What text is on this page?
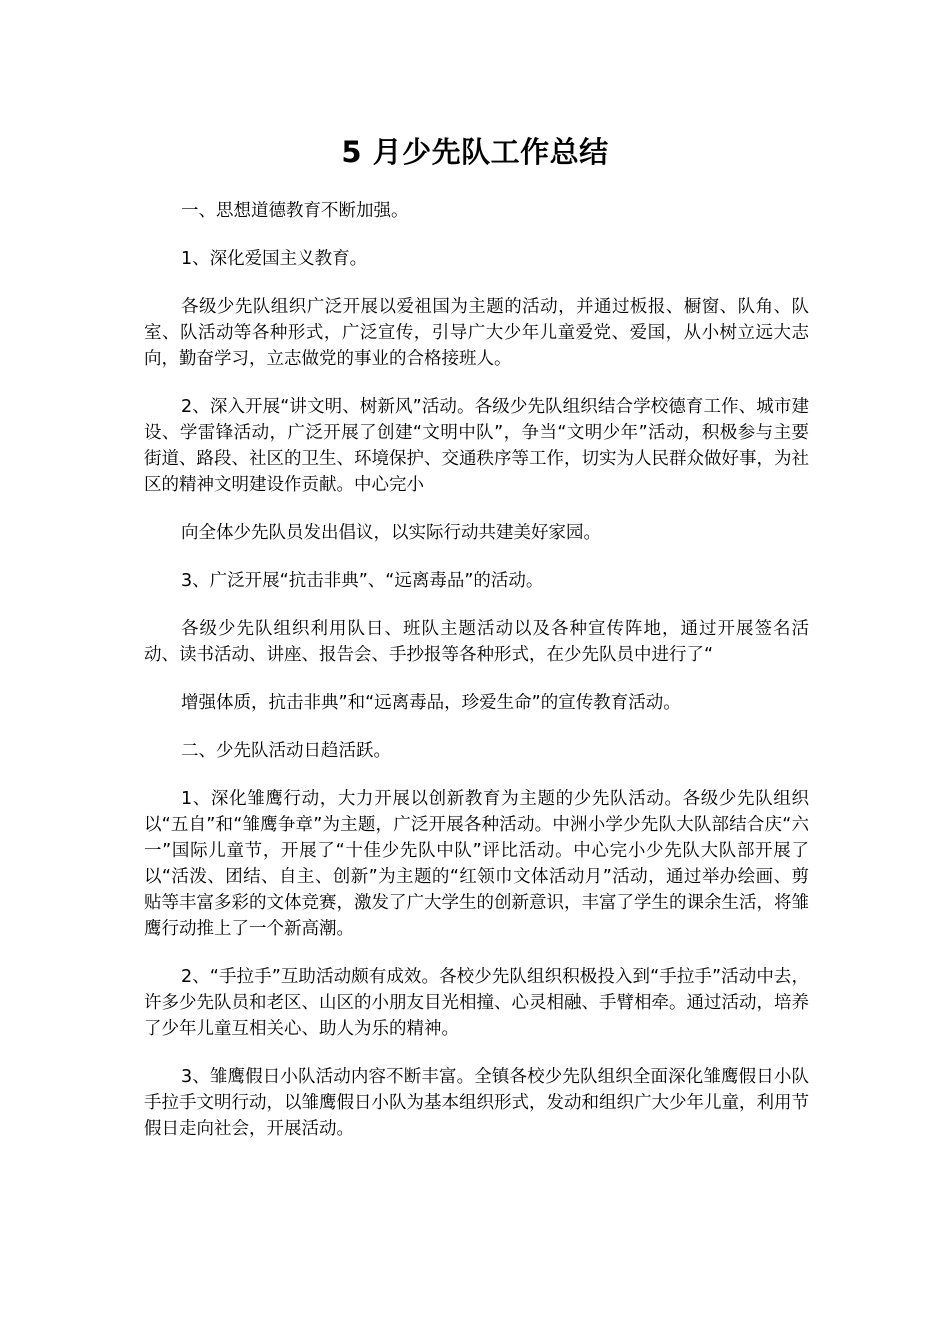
5 月少先队工作总结

一、思想道德教育不断加强。

1、深化爱国主义教育。

各级少先队组织广泛开展以爱祖国为主题的活动，并通过板报、橱窗、队角、队室、队活动等各种形式，广泛宣传，引导广大少年儿童爱党、爱国，从小树立远大志向，勤奋学习，立志做党的事业的合格接班人。

2、深入开展“讲文明、树新风”活动。各级少先队组织结合学校德育工作、城市建设、学雷锋活动，广泛开展了创建“文明中队”，争当“文明少年”活动，积极参与主要街道、路段、社区的卫生、环境保护、交通秩序等工作，切实为人民群众做好事，为社区的精神文明建设作贡献。中心完小

向全体少先队员发出倡议，以实际行动共建美好家园。

3、广泛开展“抗击非典”、“远离毒品”的活动。

各级少先队组织利用队日、班队主题活动以及各种宣传阵地，通过开展签名活动、读书活动、讲座、报告会、手抄报等各种形式，在少先队员中进行了“

增强体质，抗击非典”和“远离毒品，珍爱生命”的宣传教育活动。

二、少先队活动日趋活跃。

1、深化雏鹰行动，大力开展以创新教育为主题的少先队活动。各级少先队组织以“五自”和“雏鹰争章”为主题，广泛开展各种活动。中洲小学少先队大队部结合庆“六一”国际儿童节，开展了“十佳少先队中队”评比活动。中心完小少先队大队部开展了以“活泼、团结、自主、创新”为主题的“红领巾文体活动月”活动，通过举办绘画、剪贴等丰富多彩的文体竞赛，激发了广大学生的创新意识，丰富了学生的课余生活，将雏鹰行动推上了一个新高潮。

2、“手拉手”互助活动颇有成效。各校少先队组织积极投入到“手拉手”活动中去，许多少先队员和老区、山区的小朋友目光相撞、心灵相融、手臂相牵。通过活动，培养了少年儿童互相关心、助人为乐的精神。

3、雏鹰假日小队活动内容不断丰富。全镇各校少先队组织全面深化雏鹰假日小队手拉手文明行动，以雏鹰假日小队为基本组织形式，发动和组织广大少年儿童，利用节假日走向社会，开展活动。
